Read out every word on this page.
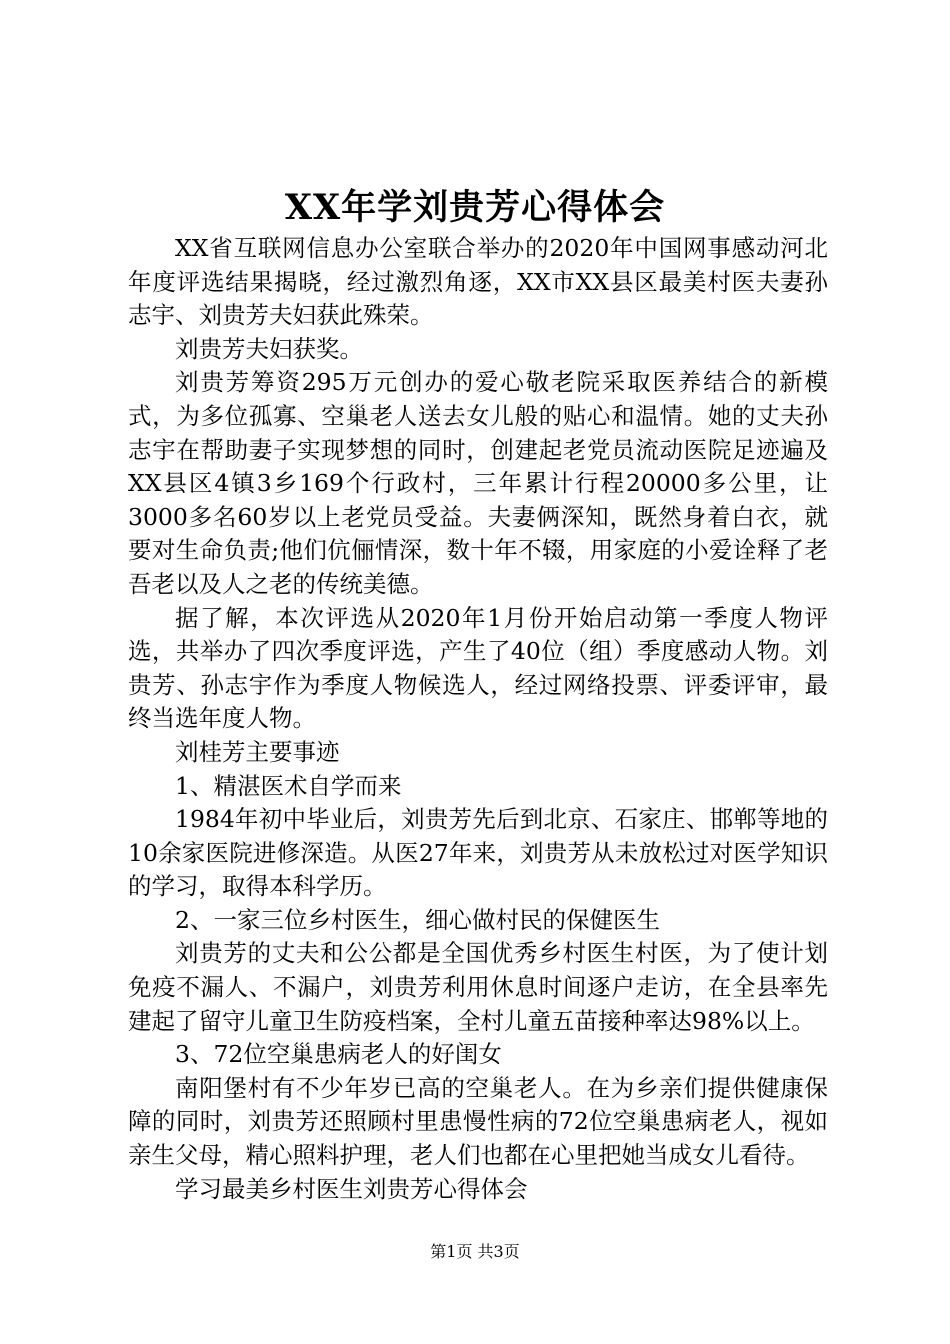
XX年学刘贵芳心得体会

XX省互联网信息办公室联合举办的2020年中国网事感动河北年度评选结果揭晓，经过激烈角逐，XX市XX县区最美村医夫妻孙志宇、刘贵芳夫妇获此殊荣。

刘贵芳夫妇获奖。

刘贵芳筹资295万元创办的爱心敬老院采取医养结合的新模式，为多位孤寡、空巢老人送去女儿般的贴心和温情。她的丈夫孙志宇在帮助妻子实现梦想的同时，创建起老党员流动医院足迹遍及XX县区4镇3乡169个行政村，三年累计行程20000多公里，让3000多名60岁以上老党员受益。夫妻俩深知，既然身着白衣，就要对生命负责;他们伉俪情深，数十年不辍，用家庭的小爱诠释了老吾老以及人之老的传统美德。

据了解，本次评选从2020年1月份开始启动第一季度人物评选，共举办了四次季度评选，产生了40位（组）季度感动人物。刘贵芳、孙志宇作为季度人物候选人，经过网络投票、评委评审，最终当选年度人物。

刘桂芳主要事迹

1、精湛医术自学而来

1984年初中毕业后，刘贵芳先后到北京、石家庄、邯郸等地的10余家医院进修深造。从医27年来，刘贵芳从未放松过对医学知识的学习，取得本科学历。

2、一家三位乡村医生，细心做村民的保健医生

刘贵芳的丈夫和公公都是全国优秀乡村医生村医，为了使计划免疫不漏人、不漏户，刘贵芳利用休息时间逐户走访，在全县率先建起了留守儿童卫生防疫档案，全村儿童五苗接种率达98%以上。

3、72位空巢患病老人的好闺女

南阳堡村有不少年岁已高的空巢老人。在为乡亲们提供健康保障的同时，刘贵芳还照顾村里患慢性病的72位空巢患病老人，视如亲生父母，精心照料护理，老人们也都在心里把她当成女儿看待。

学习最美乡村医生刘贵芳心得体会

第1页 共3页
